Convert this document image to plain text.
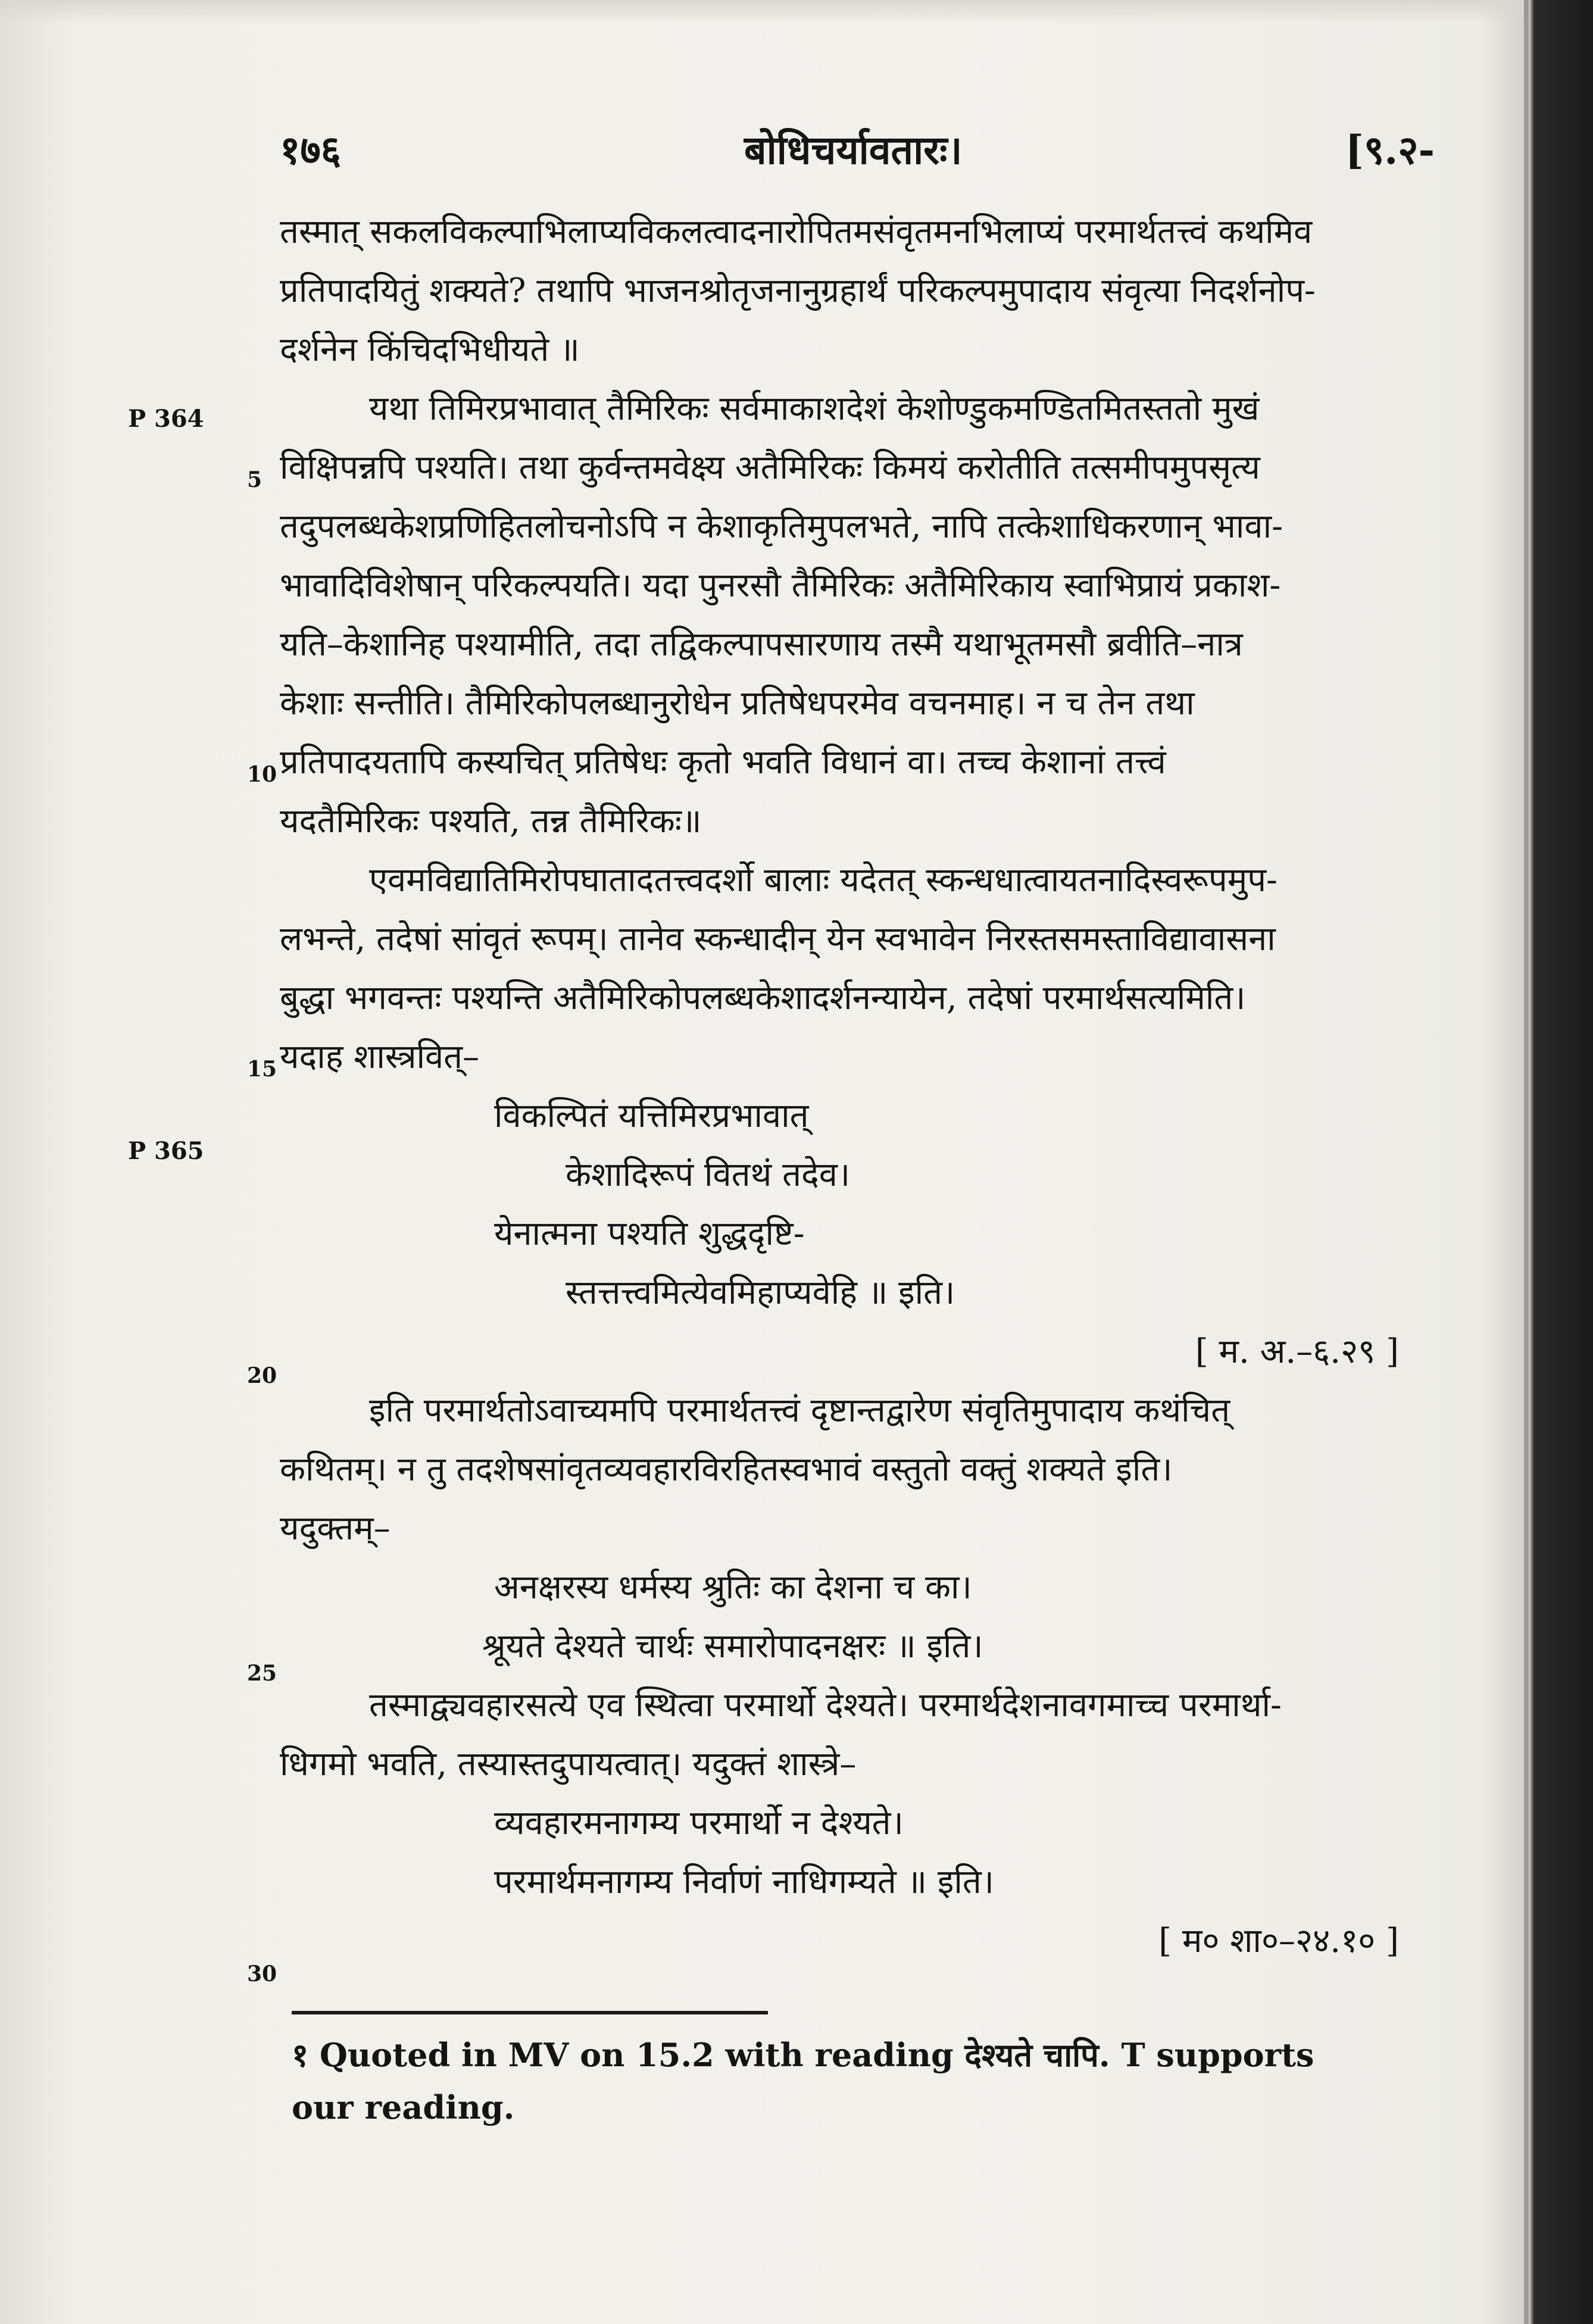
१७६	बोधिचर्यावतारः।	[९.२-
P 364
P 365
5
10
15
20
25
30
तस्मात् सकलविकल्पाभिलाप्यविकलत्वादनारोपितमसंवृतमनभिलाप्यं परमार्थतत्त्वं कथमिव
प्रतिपादयितुं शक्यते? तथापि भाजनश्रोतृजनानुग्रहार्थं परिकल्पमुपादाय संवृत्या निदर्शनोप-
दर्शनेन किंचिदभिधीयते ॥
यथा तिमिरप्रभावात् तैमिरिकः सर्वमाकाशदेशं केशोण्डुकमण्डितमितस्ततो मुखं
विक्षिपन्नपि पश्यति। तथा कुर्वन्तमवेक्ष्य अतैमिरिकः किमयं करोतीति तत्समीपमुपसृत्य
तदुपलब्धकेशप्रणिहितलोचनोऽपि न केशाकृतिमुपलभते, नापि तत्केशाधिकरणान् भावा-
भावादिविशेषान् परिकल्पयति। यदा पुनरसौ तैमिरिकः अतैमिरिकाय स्वाभिप्रायं प्रकाश-
यति–केशानिह पश्यामीति, तदा तद्विकल्पापसारणाय तस्मै यथाभूतमसौ ब्रवीति–नात्र
केशाः सन्तीति। तैमिरिकोपलब्धानुरोधेन प्रतिषेधपरमेव वचनमाह। न च तेन तथा
प्रतिपादयतापि कस्यचित् प्रतिषेधः कृतो भवति विधानं वा। तच्च केशानां तत्त्वं
यदतैमिरिकः पश्यति, तन्न तैमिरिकः॥
एवमविद्यातिमिरोपघातादतत्त्वदर्शो बालाः यदेतत् स्कन्धधात्वायतनादिस्वरूपमुप-
लभन्ते, तदेषां सांवृतं रूपम्। तानेव स्कन्धादीन् येन स्वभावेन निरस्तसमस्ताविद्यावासना
बुद्धा भगवन्तः पश्यन्ति अतैमिरिकोपलब्धकेशादर्शनन्यायेन, तदेषां परमार्थसत्यमिति।
यदाह शास्त्रवित्–
विकल्पितं यत्तिमिरप्रभावात्
केशादिरूपं वितथं तदेव।
येनात्मना पश्यति शुद्धदृष्टि-
स्तत्तत्त्वमित्येवमिहाप्यवेहि ॥ इति।
[ म. अ.–६.२९ ]
इति परमार्थतोऽवाच्यमपि परमार्थतत्त्वं दृष्टान्तद्वारेण संवृतिमुपादाय कथंचित्
कथितम्। न तु तदशेषसांवृतव्यवहारविरहितस्वभावं वस्तुतो वक्तुं शक्यते इति।
यदुक्तम्–
अनक्षरस्य धर्मस्य श्रुतिः का देशना च का।
श्रूयते देश्यते चार्थः समारोपादनक्षरः ॥ इति।
तस्माद्व्यवहारसत्ये एव स्थित्वा परमार्थो देश्यते। परमार्थदेशनावगमाच्च परमार्था-
धिगमो भवति, तस्यास्तदुपायत्वात्। यदुक्तं शास्त्रे–
व्यवहारमनागम्य परमार्थो न देश्यते।
परमार्थमनागम्य निर्वाणं नाधिगम्यते ॥ इति।
[ म० शा०–२४.१० ]
१ Quoted in MV on 15.2 with reading देश्यते चापि. T supports
our reading.
